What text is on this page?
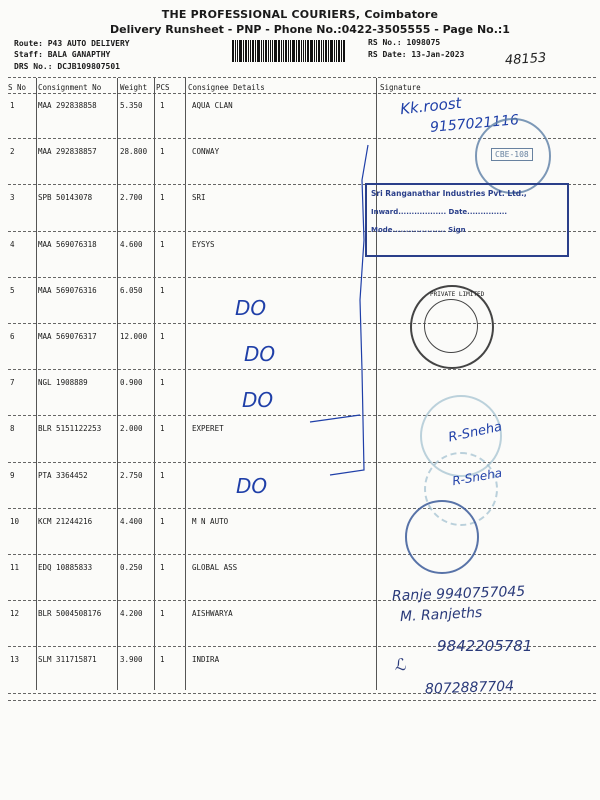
THE PROFESSIONAL COURIERS, Coimbatore
Delivery Runsheet - PNP - Phone No.:0422-3505555 - Page No.:1
Route: P43 AUTO DELIVERY
Staff: BALA GANAPTHY
DRS No.: DCJB109807501
RS No.: 1098075
RS Date: 13-Jan-2023	48153
S No Consignment No	Weight PCS Consignee Details	Signature
1	MAA 292838858	5.350 1	AQUA CLAN
2	MAA 292838857	28.800 1	CONWAY
3	SPB 50143078	2.700 1	SRI
4	MAA 569076318	4.600 1	EYSYS
5	MAA 569076316	6.050 1
6	MAA 569076317	12.000 1
7	NGL 1908889	0.900 1
8	BLR 5151122253	2.000 1	EXPERET
9	PTA 3364452	2.750 1
10	KCM 21244216	4.400 1	M N AUTO
11	EDQ 10885833	0.250 1	GLOBAL ASS
12	BLR 5004508176	4.200 1	AISHWARYA
13	SLM 311715871	3.900 1	INDIRA
DO
DO
DO
DO
Kk.roost
9157021116
CBE-108
Sri Ranganathar Industries Pvt. Ltd.,
Inward.................. Date...............
Mode.................... Sign
PRIVATE LIMITED
R-Sneha
R-Sneha
Ranje 9940757045
M. Ranjeths
9842205781
ℒ
8072887704
